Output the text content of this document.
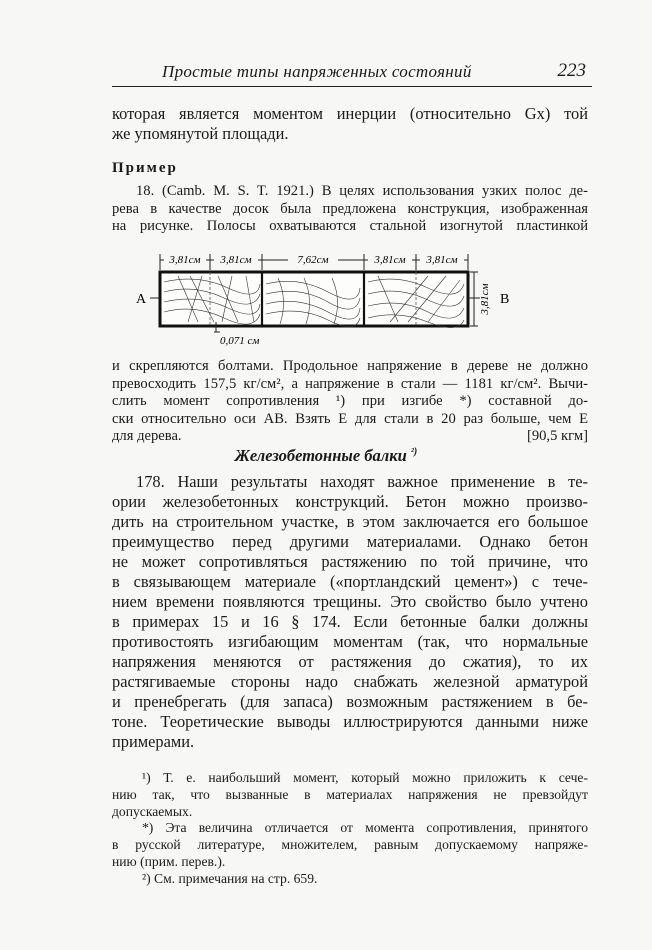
Простые типы напряженных состояний	223
которая является моментом инерции (относительно Gx) той
же упомянутой площади.
Пример
18. (Camb. M. S. T. 1921.) В целях использования узких полос де-
рева в качестве досок была предложена конструкция, изображенная
на рисунке. Полосы охватываются стальной изогнутой пластинкой
3,81см 3,81см	7,62см	3,81см 3,81см
A	B
3,81см
0,071 см
и скрепляются болтами. Продольное напряжение в дереве не должно
превосходить 157,5 кг/см², а напряжение в стали — 1181 кг/см². Вычи-
слить момент сопротивления ¹) при изгибе *) составной до-
ски относительно оси AB. Взять E для стали в 20 раз больше, чем E
для дерева.	[90,5 кгм]
Железобетонные балки $^{^2)}$
178. Наши результаты находят важное применение в те-
ории железобетонных конструкций. Бетон можно произво-
дить на строительном участке, в этом заключается его большое
преимущество перед другими материалами. Однако бетон
не может сопротивляться растяжению по той причине, что
в связывающем материале («портландский цемент») с тече-
нием времени появляются трещины. Это свойство было учтено
в примерах 15 и 16 § 174. Если бетонные балки должны
противостоять изгибающим моментам (так, что нормальные
напряжения меняются от растяжения до сжатия), то их
растягиваемые стороны надо снабжать железной арматурой
и пренебрегать (для запаса) возможным растяжением в бе-
тоне. Теоретические выводы иллюстрируются данными ниже
примерами.
¹) Т. е. наибольший момент, который можно приложить к сече-
нию так, что вызванные в материалах напряжения не превзойдут
допускаемых.
*) Эта величина отличается от момента сопротивления, принятого
в русской литературе, множителем, равным допускаемому напряже-
нию (прим. перев.).
²) См. примечания на стр. 659.
